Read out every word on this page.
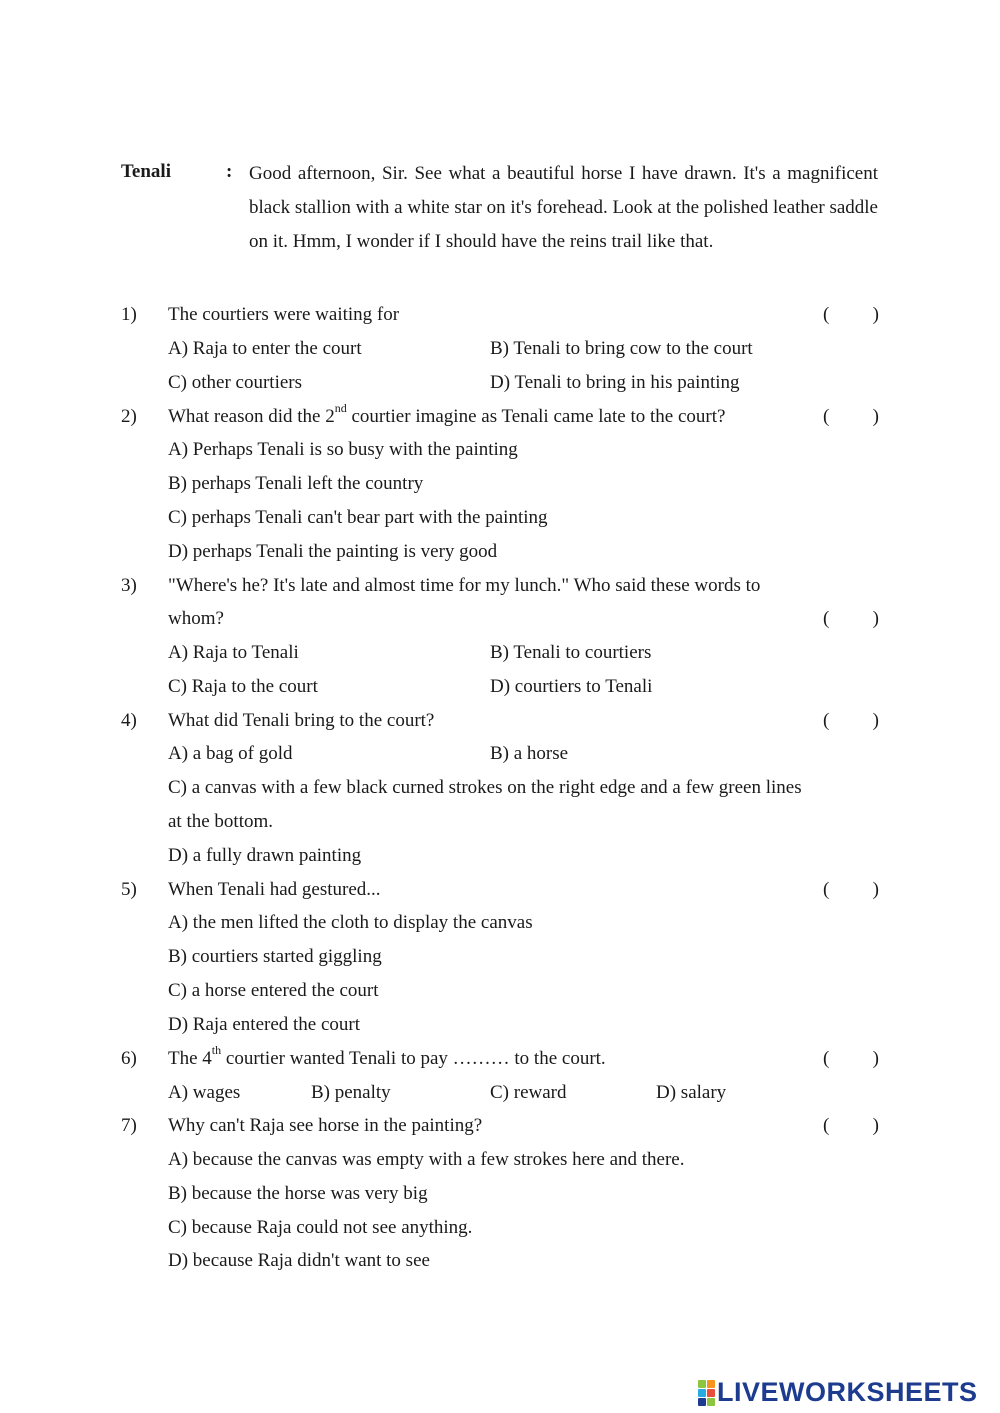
Tenali	: Good afternoon, Sir. See what a beautiful horse I have drawn. It's a magnificent black stallion with a white star on it's forehead. Look at the polished leather saddle on it. Hmm, I wonder if I should have the reins trail like that.
1) The courtiers were waiting for	( )
A) Raja to enter the court	B) Tenali to bring cow to the court
C) other courtiers	D) Tenali to bring in his painting
2) What reason did the 2nd courtier imagine as Tenali came late to the court?	( )
A) Perhaps Tenali is so busy with the painting
B) perhaps Tenali left the country
C) perhaps Tenali can't bear part with the painting
D) perhaps Tenali the painting is very good
3) "Where's he? It's late and almost time for my lunch." Who said these words to
whom?	( )
A) Raja to Tenali	B) Tenali to courtiers
C) Raja to the court	D) courtiers to Tenali
4) What did Tenali bring to the court?	( )
A) a bag of gold	B) a horse
C) a canvas with a few black curned strokes on the right edge and a few green lines
at the bottom.
D) a fully drawn painting
5) When Tenali had gestured...	( )
A) the men lifted the cloth to display the canvas
B) courtiers started giggling
C) a horse entered the court
D) Raja entered the court
6) The 4th courtier wanted Tenali to pay ……… to the court.	( )
A) wages	B) penalty	C) reward	D) salary
7) Why can't Raja see horse in the painting?	( )
A) because the canvas was empty with a few strokes here and there.
B) because the horse was very big
C) because Raja could not see anything.
D) because Raja didn't want to see
LIVEWORKSHEETS
